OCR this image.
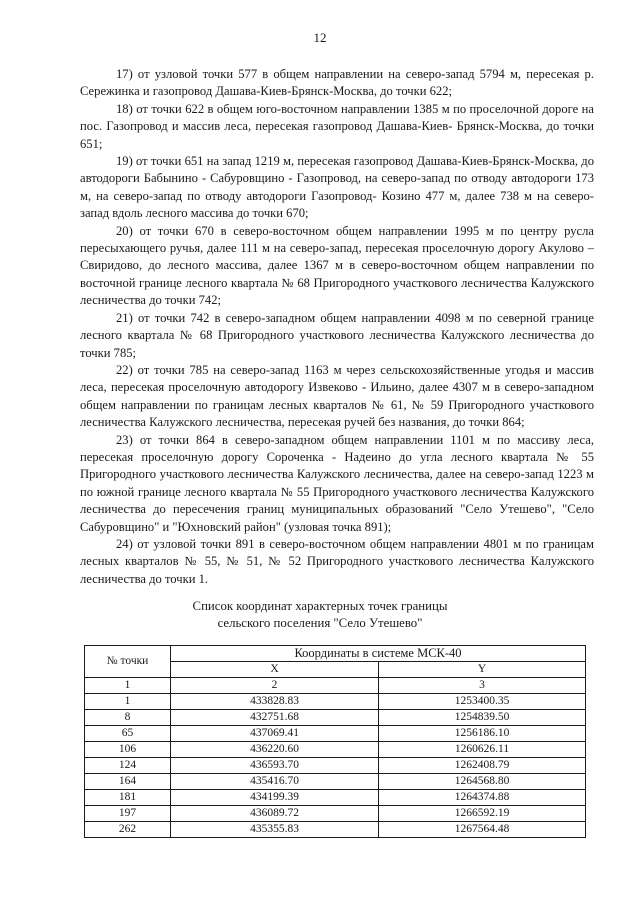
12

17) от узловой точки 577 в общем направлении на северо-запад 5794 м, пересекая р. Сережинка и газопровод Дашава-Киев-Брянск-Москва, до точки 622;

18) от точки 622 в общем юго-восточном направлении 1385 м по проселочной дороге на пос. Газопровод и массив леса, пересекая газопровод Дашава-Киев- Брянск-Москва, до точки 651;

19) от точки 651 на запад 1219 м, пересекая газопровод Дашава-Киев-Брянск-Москва, до автодороги Бабынино - Сабуровщино - Газопровод, на северо-запад по отводу автодороги 173 м, на северо-запад по отводу автодороги Газопровод- Козино 477 м, далее 738 м на северо-запад вдоль лесного массива до точки 670;

20) от точки 670 в северо-восточном общем направлении 1995 м по центру русла пересыхающего ручья, далее 111 м на северо-запад, пересекая проселочную дорогу Акулово – Свиридово, до лесного массива, далее 1367 м в северо-восточном общем направлении по восточной границе лесного квартала № 68 Пригородного участкового лесничества Калужского лесничества до точки 742;

21) от точки 742 в северо-западном общем направлении 4098 м по северной границе лесного квартала № 68 Пригородного участкового лесничества Калужского лесничества до точки 785;

22) от точки 785 на северо-запад 1163 м через сельскохозяйственные угодья и массив леса, пересекая проселочную автодорогу Извеково - Ильино, далее 4307 м в северо-западном общем направлении по границам лесных кварталов № 61, № 59 Пригородного участкового лесничества Калужского лесничества, пересекая ручей без названия, до точки 864;

23) от точки 864 в северо-западном общем направлении 1101 м по массиву леса, пересекая проселочную дорогу Сороченка - Надеино до угла лесного квартала № 55 Пригородного участкового лесничества Калужского лесничества, далее на северо-запад 1223 м по южной границе лесного квартала № 55 Пригородного участкового лесничества Калужского лесничества до пересечения границ муниципальных образований "Село Утешево", "Село Сабуровщино" и "Юхновский район" (узловая точка 891);

24) от узловой точки 891 в северо-восточном общем направлении 4801 м по границам лесных кварталов № 55, № 51, № 52 Пригородного участкового лесничества Калужского лесничества до точки 1.

Список координат характерных точек границы
сельского поселения "Село Утешево"
№ точки	Координаты в системе МСК-40	
	X	Y
1	2	3
1	433828.83	1253400.35
8	432751.68	1254839.50
65	437069.41	1256186.10
106	436220.60	1260626.11
124	436593.70	1262408.79
164	435416.70	1264568.80
181	434199.39	1264374.88
197	436089.72	1266592.19
262	435355.83	1267564.48
